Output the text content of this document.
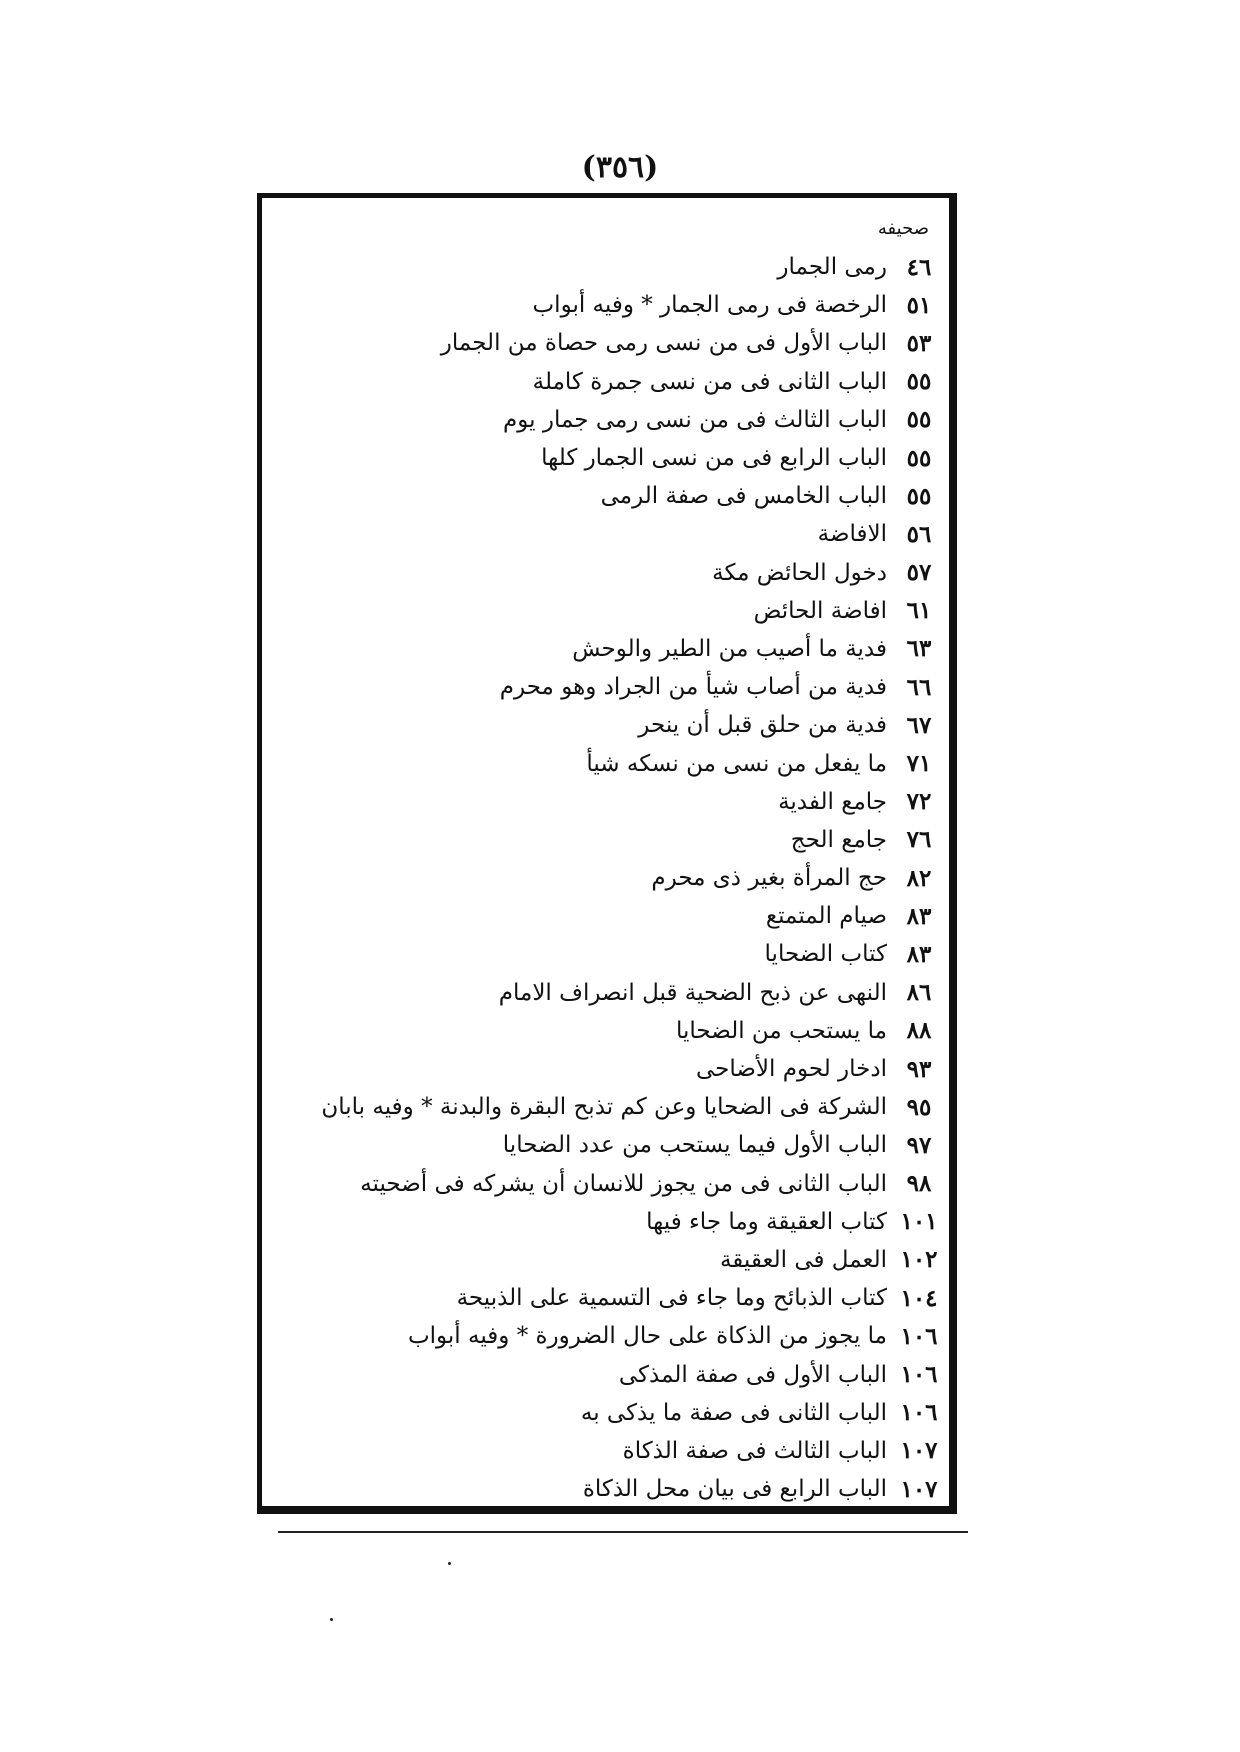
(٣٥٦)
صحيفه
٤٦
رمى الجمار
٥١
الرخصة فى رمى الجمار * وفيه أبواب
٥٣
الباب الأول فى من نسى رمى حصاة من الجمار
٥٥
الباب الثانى فى من نسى جمرة كاملة
٥٥
الباب الثالث فى من نسى رمى جمار يوم
٥٥
الباب الرابع فى من نسى الجمار كلها
٥٥
الباب الخامس فى صفة الرمى
٥٦
الافاضة
٥٧
دخول الحائض مكة
٦١
افاضة الحائض
٦٣
فدية ما أصيب من الطير والوحش
٦٦
فدية من أصاب شيأ من الجراد وهو محرم
٦٧
فدية من حلق قبل أن ينحر
٧١
ما يفعل من نسى من نسكه شيأ
٧٢
جامع الفدية
٧٦
جامع الحج
٨٢
حج المرأة بغير ذى محرم
٨٣
صيام المتمتع
٨٣
كتاب الضحايا
٨٦
النهى عن ذبح الضحية قبل انصراف الامام
٨٨
ما يستحب من الضحايا
٩٣
ادخار لحوم الأضاحى
٩٥
الشركة فى الضحايا وعن كم تذبح البقرة والبدنة * وفيه بابان
٩٧
الباب الأول فيما يستحب من عدد الضحايا
٩٨
الباب الثانى فى من يجوز للانسان أن يشركه فى أضحيته
١٠١
كتاب العقيقة وما جاء فيها
١٠٢
العمل فى العقيقة
١٠٤
كتاب الذبائح وما جاء فى التسمية على الذبيحة
١٠٦
ما يجوز من الذكاة على حال الضرورة * وفيه أبواب
١٠٦
الباب الأول فى صفة المذكى
١٠٦
الباب الثانى فى صفة ما يذكى به
١٠٧
الباب الثالث فى صفة الذكاة
١٠٧
الباب الرابع فى بيان محل الذكاة
